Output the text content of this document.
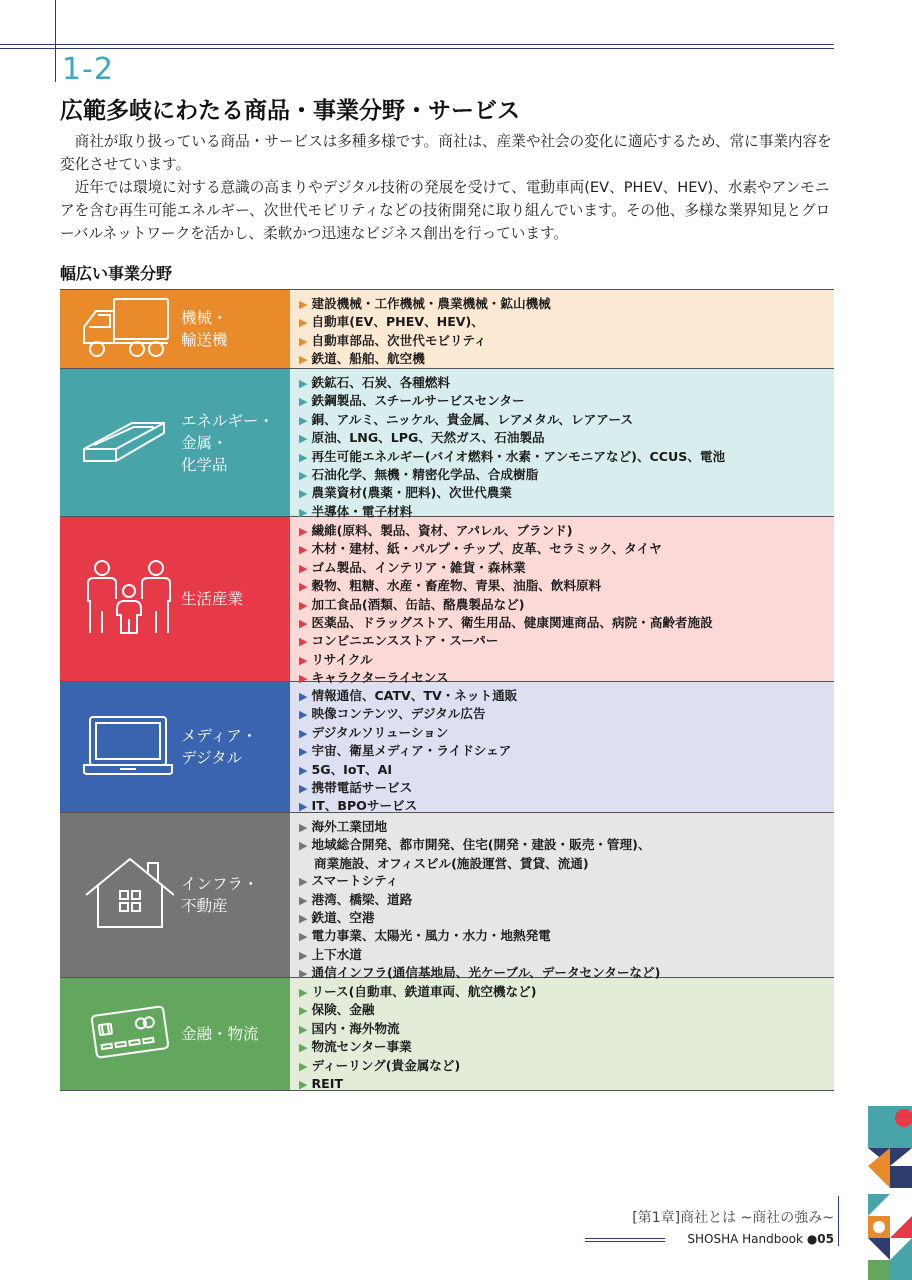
1-2
広範多岐にわたる商品・事業分野・サービス

商社が取り扱っている商品・サービスは多種多様です。商社は、産業や社会の変化に適応するため、常に事業内容を変化させています。

近年では環境に対する意識の高まりやデジタル技術の発展を受けて、電動車両(EV、PHEV、HEV)、水素やアンモニアを含む再生可能エネルギー、次世代モビリティなどの技術開発に取り組んでいます。その他、多様な業界知見とグローバルネットワークを活かし、柔軟かつ迅速なビジネス創出を行っています。

幅広い事業分野
機械・
輸送機
▶ 建設機械・工作機械・農業機械・鉱山機械
▶ 自動車(EV、PHEV、HEV)、
▶ 自動車部品、次世代モビリティ
▶ 鉄道、船舶、航空機
エネルギー・
金属・
化学品
▶ 鉄鉱石、石炭、各種燃料
▶ 鉄鋼製品、スチールサービスセンター
▶ 銅、アルミ、ニッケル、貴金属、レアメタル、レアアース
▶ 原油、LNG、LPG、天然ガス、石油製品
▶ 再生可能エネルギー(バイオ燃料・水素・アンモニアなど)、CCUS、電池
▶ 石油化学、無機・精密化学品、合成樹脂
▶ 農業資材(農薬・肥料)、次世代農業
▶ 半導体・電子材料
生活産業
▶ 繊維(原料、製品、資材、アパレル、ブランド)
▶ 木材・建材、紙・パルプ・チップ、皮革、セラミック、タイヤ
▶ ゴム製品、インテリア・雑貨・森林業
▶ 穀物、粗糖、水産・畜産物、青果、油脂、飲料原料
▶ 加工食品(酒類、缶詰、酪農製品など)
▶ 医薬品、ドラッグストア、衛生用品、健康関連商品、病院・高齢者施設
▶ コンビニエンスストア・スーパー
▶ リサイクル
▶ キャラクターライセンス
メディア・
デジタル
▶ 情報通信、CATV、TV・ネット通販
▶ 映像コンテンツ、デジタル広告
▶ デジタルソリューション
▶ 宇宙、衛星メディア・ライドシェア
▶ 5G、IoT、AI
▶ 携帯電話サービス
▶ IT、BPOサービス
インフラ・
不動産
▶ 海外工業団地
▶ 地域総合開発、都市開発、住宅(開発・建設・販売・管理)、
商業施設、オフィスビル(施設運営、賃貸、流通)
▶ スマートシティ
▶ 港湾、橋梁、道路
▶ 鉄道、空港
▶ 電力事業、太陽光・風力・水力・地熱発電
▶ 上下水道
▶ 通信インフラ(通信基地局、光ケーブル、データセンターなど)
金融・物流
▶ リース(自動車、鉄道車両、航空機など)
▶ 保険、金融
▶ 国内・海外物流
▶ 物流センター事業
▶ ディーリング(貴金属など)
▶ REIT
[第1章]商社とは ~商社の強み~
SHOSHA Handbook ●05
